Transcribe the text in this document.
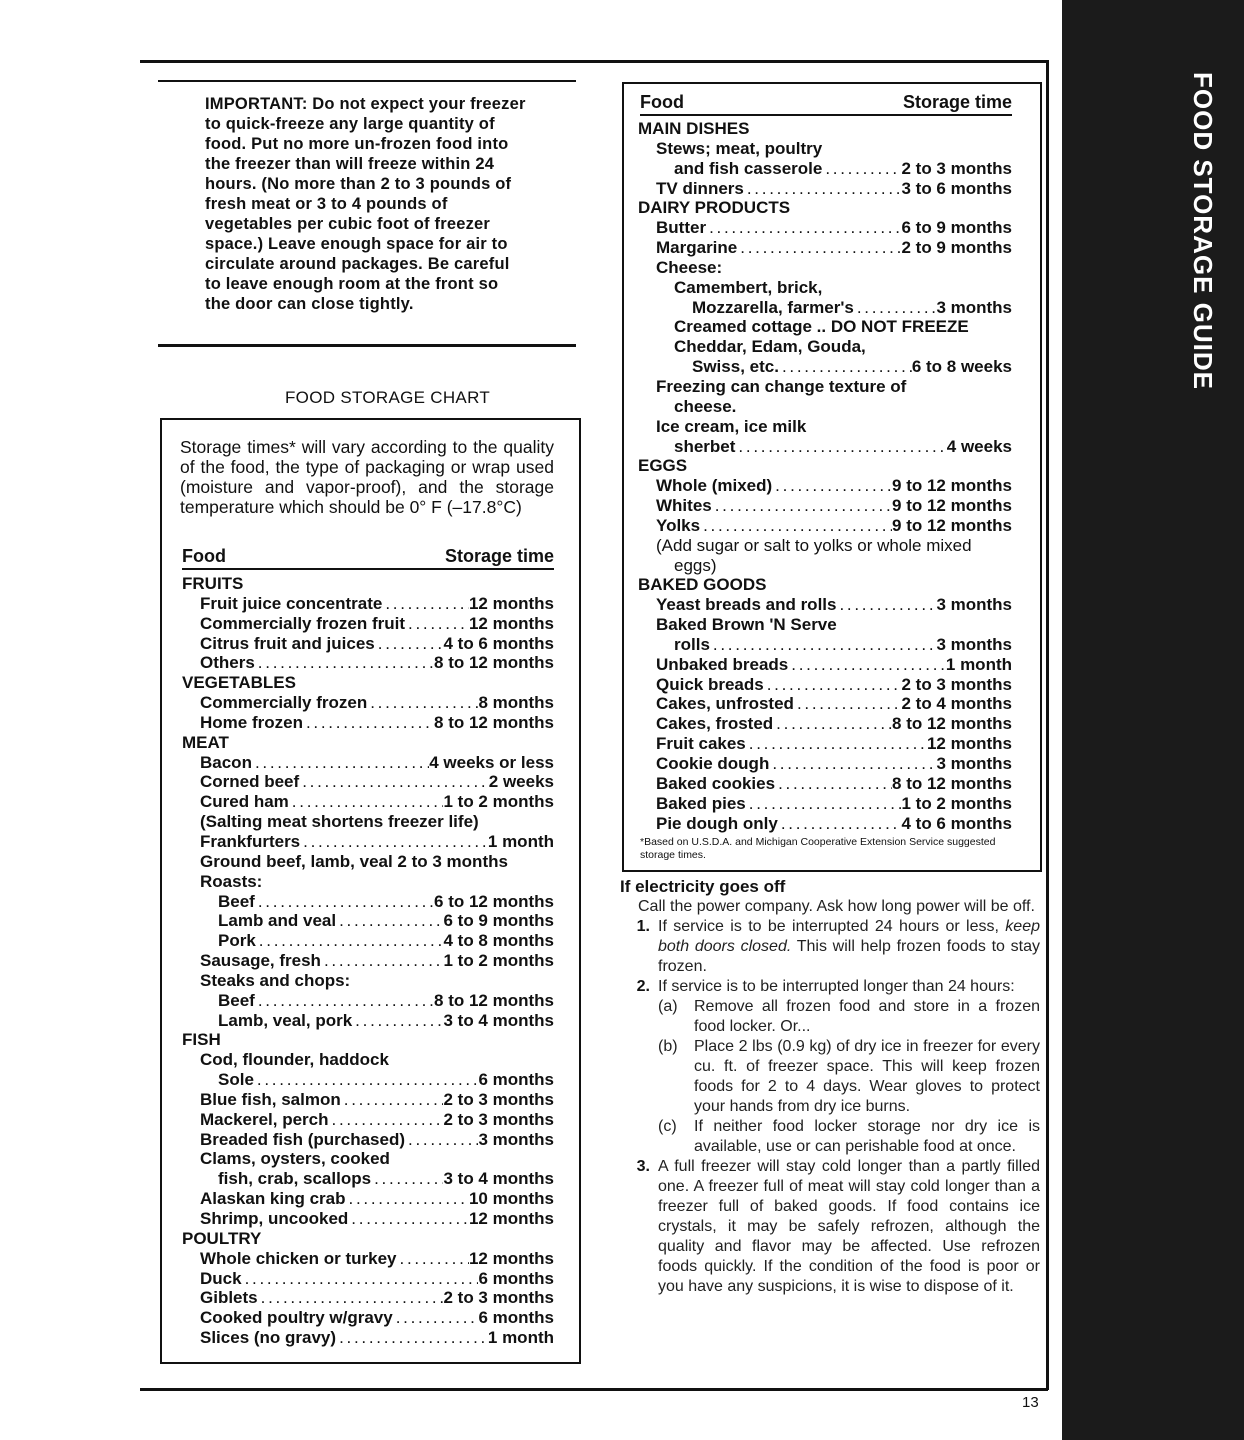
FOOD STORAGE GUIDE
IMPORTANT: Do not expect your freezer to quick-freeze any large quantity of food. Put no more un-frozen food into the freezer than will freeze within 24 hours. (No more than 2 to 3 pounds of fresh meat or 3 to 4 pounds of vegetables per cubic foot of freezer space.) Leave enough space for air to circulate around packages. Be careful to leave enough room at the front so the door can close tightly.
FOOD STORAGE CHART
Storage times* will vary according to the quality of the food, the type of packaging or wrap used (moisture and vapor-proof), and the storage temperature which should be 0° F (–17.8°C)
Food	Storage time
FRUITS
Fruit juice concentrate . . .	12 months
Commercially frozen fruit . . .	12 months
Citrus fruit and juices . . .	4 to 6 months
Others . . .	8 to 12 months
VEGETABLES
Commercially frozen . . .	8 months
Home frozen . . .	8 to 12 months
MEAT
Bacon . . .	4 weeks or less
Corned beef . . .	2 weeks
Cured ham . . .	1 to 2 months
(Salting meat shortens freezer life)
Frankfurters . . .	1 month
Ground beef, lamb, veal 2 to 3 months
Roasts:
Beef . . .	6 to 12 months
Lamb and veal . . .	6 to 9 months
Pork . . .	4 to 8 months
Sausage, fresh . . .	1 to 2 months
Steaks and chops:
Beef . . .	8 to 12 months
Lamb, veal, pork . . .	3 to 4 months
FISH
Cod, flounder, haddock
Sole . . .	6 months
Blue fish, salmon . . .	2 to 3 months
Mackerel, perch . . .	2 to 3 months
Breaded fish (purchased) . . .	3 months
Clams, oysters, cooked
fish, crab, scallops . . .	3 to 4 months
Alaskan king crab . . .	10 months
Shrimp, uncooked . . .	12 months
POULTRY
Whole chicken or turkey . . .	12 months
Duck . . .	6 months
Giblets . . .	2 to 3 months
Cooked poultry w/gravy . . .	6 months
Slices (no gravy) . . .	1 month
Food	Storage time
MAIN DISHES
Stews; meat, poultry
and fish casserole . . .	2 to 3 months
TV dinners . . .	3 to 6 months
DAIRY PRODUCTS
Butter . . .	6 to 9 months
Margarine . . .	2 to 9 months
Cheese:
Camembert, brick,
Mozzarella, farmer's . . .	3 months
Creamed cottage .. DO NOT FREEZE
Cheddar, Edam, Gouda,
Swiss, etc. . . .	6 to 8 weeks
Freezing can change texture of
cheese.
Ice cream, ice milk
sherbet . . .	4 weeks
EGGS
Whole (mixed) . . .	9 to 12 months
Whites . . .	9 to 12 months
Yolks . . .	9 to 12 months
(Add sugar or salt to yolks or whole mixed
eggs)
BAKED GOODS
Yeast breads and rolls . . .	3 months
Baked Brown 'N Serve
rolls . . .	3 months
Unbaked breads . . .	1 month
Quick breads . . .	2 to 3 months
Cakes, unfrosted . . .	2 to 4 months
Cakes, frosted . . .	8 to 12 months
Fruit cakes . . .	12 months
Cookie dough . . .	3 months
Baked cookies . . .	8 to 12 months
Baked pies . . .	1 to 2 months
Pie dough only . . .	4 to 6 months
*Based on U.S.D.A. and Michigan Cooperative Extension Service suggested storage times.
If electricity goes off
Call the power company. Ask how long power will be off.
1. If service is to be interrupted 24 hours or less, keep both doors closed. This will help frozen foods to stay frozen.
2. If service is to be interrupted longer than 24 hours:
(a)	Remove all frozen food and store in a frozen food locker. Or...
(b)	Place 2 lbs (0.9 kg) of dry ice in freezer for every cu. ft. of freezer space. This will keep frozen foods for 2 to 4 days. Wear gloves to protect your hands from dry ice burns.
(c)	If neither food locker storage nor dry ice is available, use or can perishable food at once.
3. A full freezer will stay cold longer than a partly filled one. A freezer full of meat will stay cold longer than a freezer full of baked goods. If food contains ice crystals, it may be safely refrozen, although the quality and flavor may be affected. Use refrozen foods quickly. If the condition of the food is poor or you have any suspicions, it is wise to dispose of it.
13
